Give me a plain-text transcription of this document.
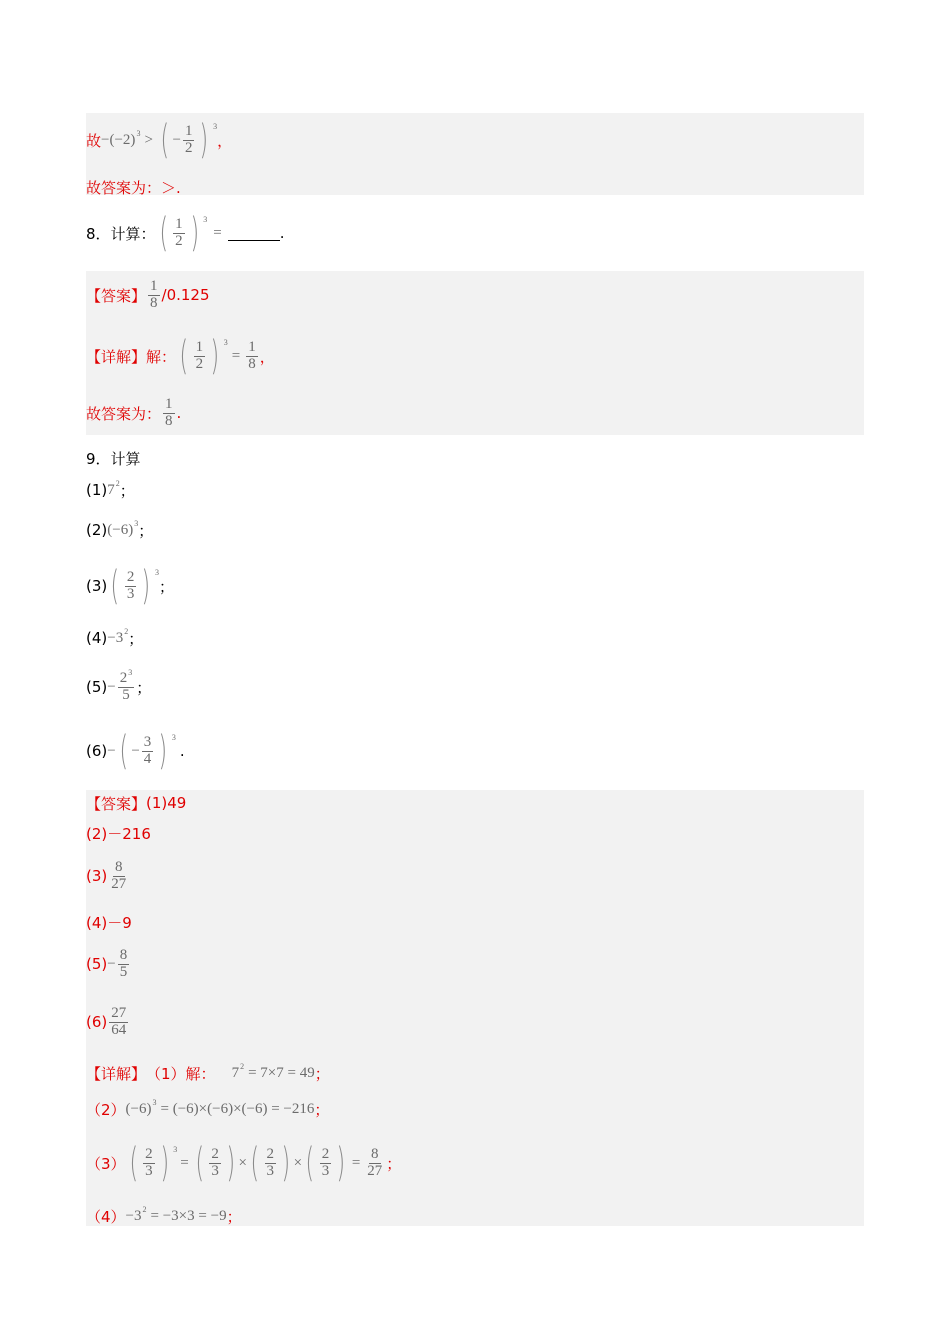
故 −(−2) 3 > ( − $\frac{1}{2}$ ) 3
，
故答案为：＞.
8．计算： ( $\frac{1}{2}$ ) 3
=	.
【答案】 $\frac{1}{8} /0.125$
【详解】 解： ( $\frac{1}{2}$ ) 3
= $\frac{1}{8}$ ，
故答案为： $\frac{1}{8}$ .
9．计算
(1) 7 2 ；
(2) (−6) 3 ；
(3) ( $\frac{2}{3}$ ) 3
；
(4) −3 2 ；
$(5) - \frac{2^3}{5}$ ；
(6) − ( − $\frac{3}{4}$ ) 3
.
【答案】 (1)49
(2)－216
$(3) \frac{8}{27}$
(4)－9
$(5) - \frac{8}{5}$
$(6) \frac{27}{64}$
【详解】 （1）解： 7 2 = 7×7 = 49 ；
（2） (−6) 3 = (−6)×(−6)×(−6) = −216 ；
（3） ( $\frac{2}{3}$ ) 3
= ( $\frac{2}{3}$ ) × ( $\frac{2}{3}$ ) × ( $\frac{2}{3}$ ) = $\frac{8}{27}$ ；
（4） −3 2 = −3×3 = −9 ；
